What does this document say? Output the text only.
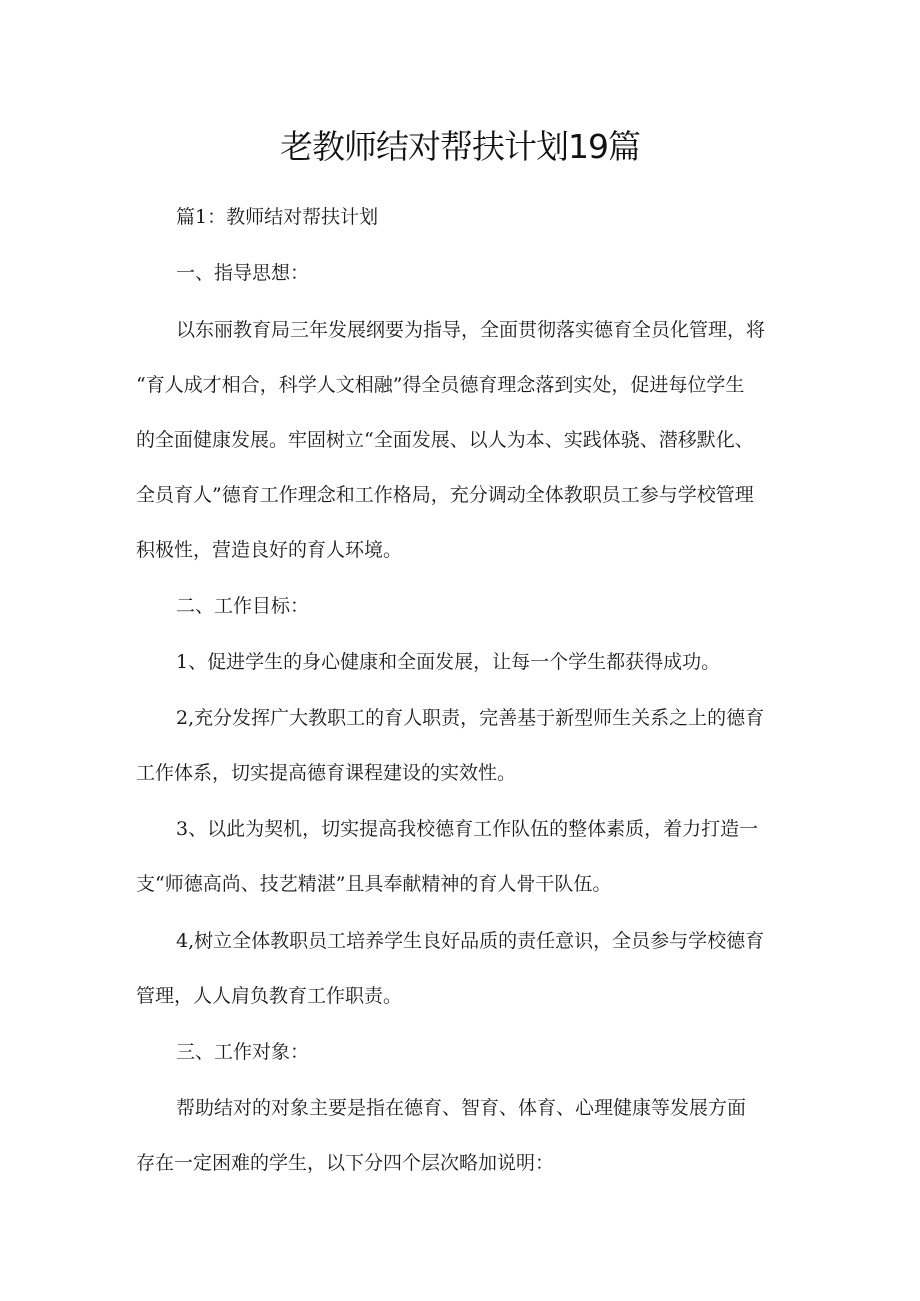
老教师结对帮扶计划19篇
篇1：教师结对帮扶计划
一、指导思想：
以东丽教育局三年发展纲要为指导，全面贯彻落实德育全员化管理，将
“育人成才相合，科学人文相融”得全员德育理念落到实处，促进每位学生
的全面健康发展。牢固树立“全面发展、以人为本、实践体骁、潜移默化、
全员育人”德育工作理念和工作格局，充分调动全体教职员工参与学校管理
积极性，营造良好的育人环境。
二、工作目标：
1、促进学生的身心健康和全面发展，让每一个学生都获得成功。
2,充分发挥广大教职工的育人职责，完善基于新型师生关系之上的德育
工作体系，切实提高德育课程建设的实效性。
3、以此为契机，切实提高我校德育工作队伍的整体素质，着力打造一
支“师德高尚、技艺精湛”且具奉献精神的育人骨干队伍。
4,树立全体教职员工培养学生良好品质的责任意识，全员参与学校德育
管理，人人肩负教育工作职责。
三、工作对象：
帮助结对的对象主要是指在德育、智育、体育、心理健康等发展方面
存在一定困难的学生，以下分四个层次略加说明：
